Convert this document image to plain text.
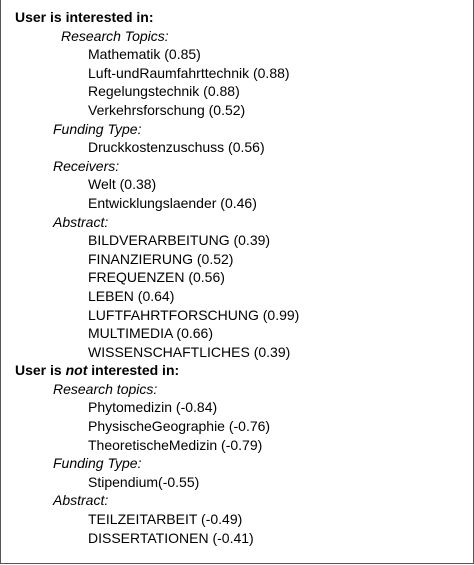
User is interested in:
Research Topics:
Mathematik (0.85)
Luft-undRaumfahrttechnik (0.88)
Regelungstechnik (0.88)
Verkehrsforschung (0.52)
Funding Type:
Druckkostenzuschuss (0.56)
Receivers:
Welt (0.38)
Entwicklungslaender (0.46)
Abstract:
BILDVERARBEITUNG (0.39)
FINANZIERUNG (0.52)
FREQUENZEN (0.56)
LEBEN (0.64)
LUFTFAHRTFORSCHUNG (0.99)
MULTIMEDIA (0.66)
WISSENSCHAFTLICHES (0.39)
User is not interested in:
Research topics:
Phytomedizin (-0.84)
PhysischeGeographie (-0.76)
TheoretischeMedizin (-0.79)
Funding Type:
Stipendium(-0.55)
Abstract:
TEILZEITARBEIT (-0.49)
DISSERTATIONEN (-0.41)
